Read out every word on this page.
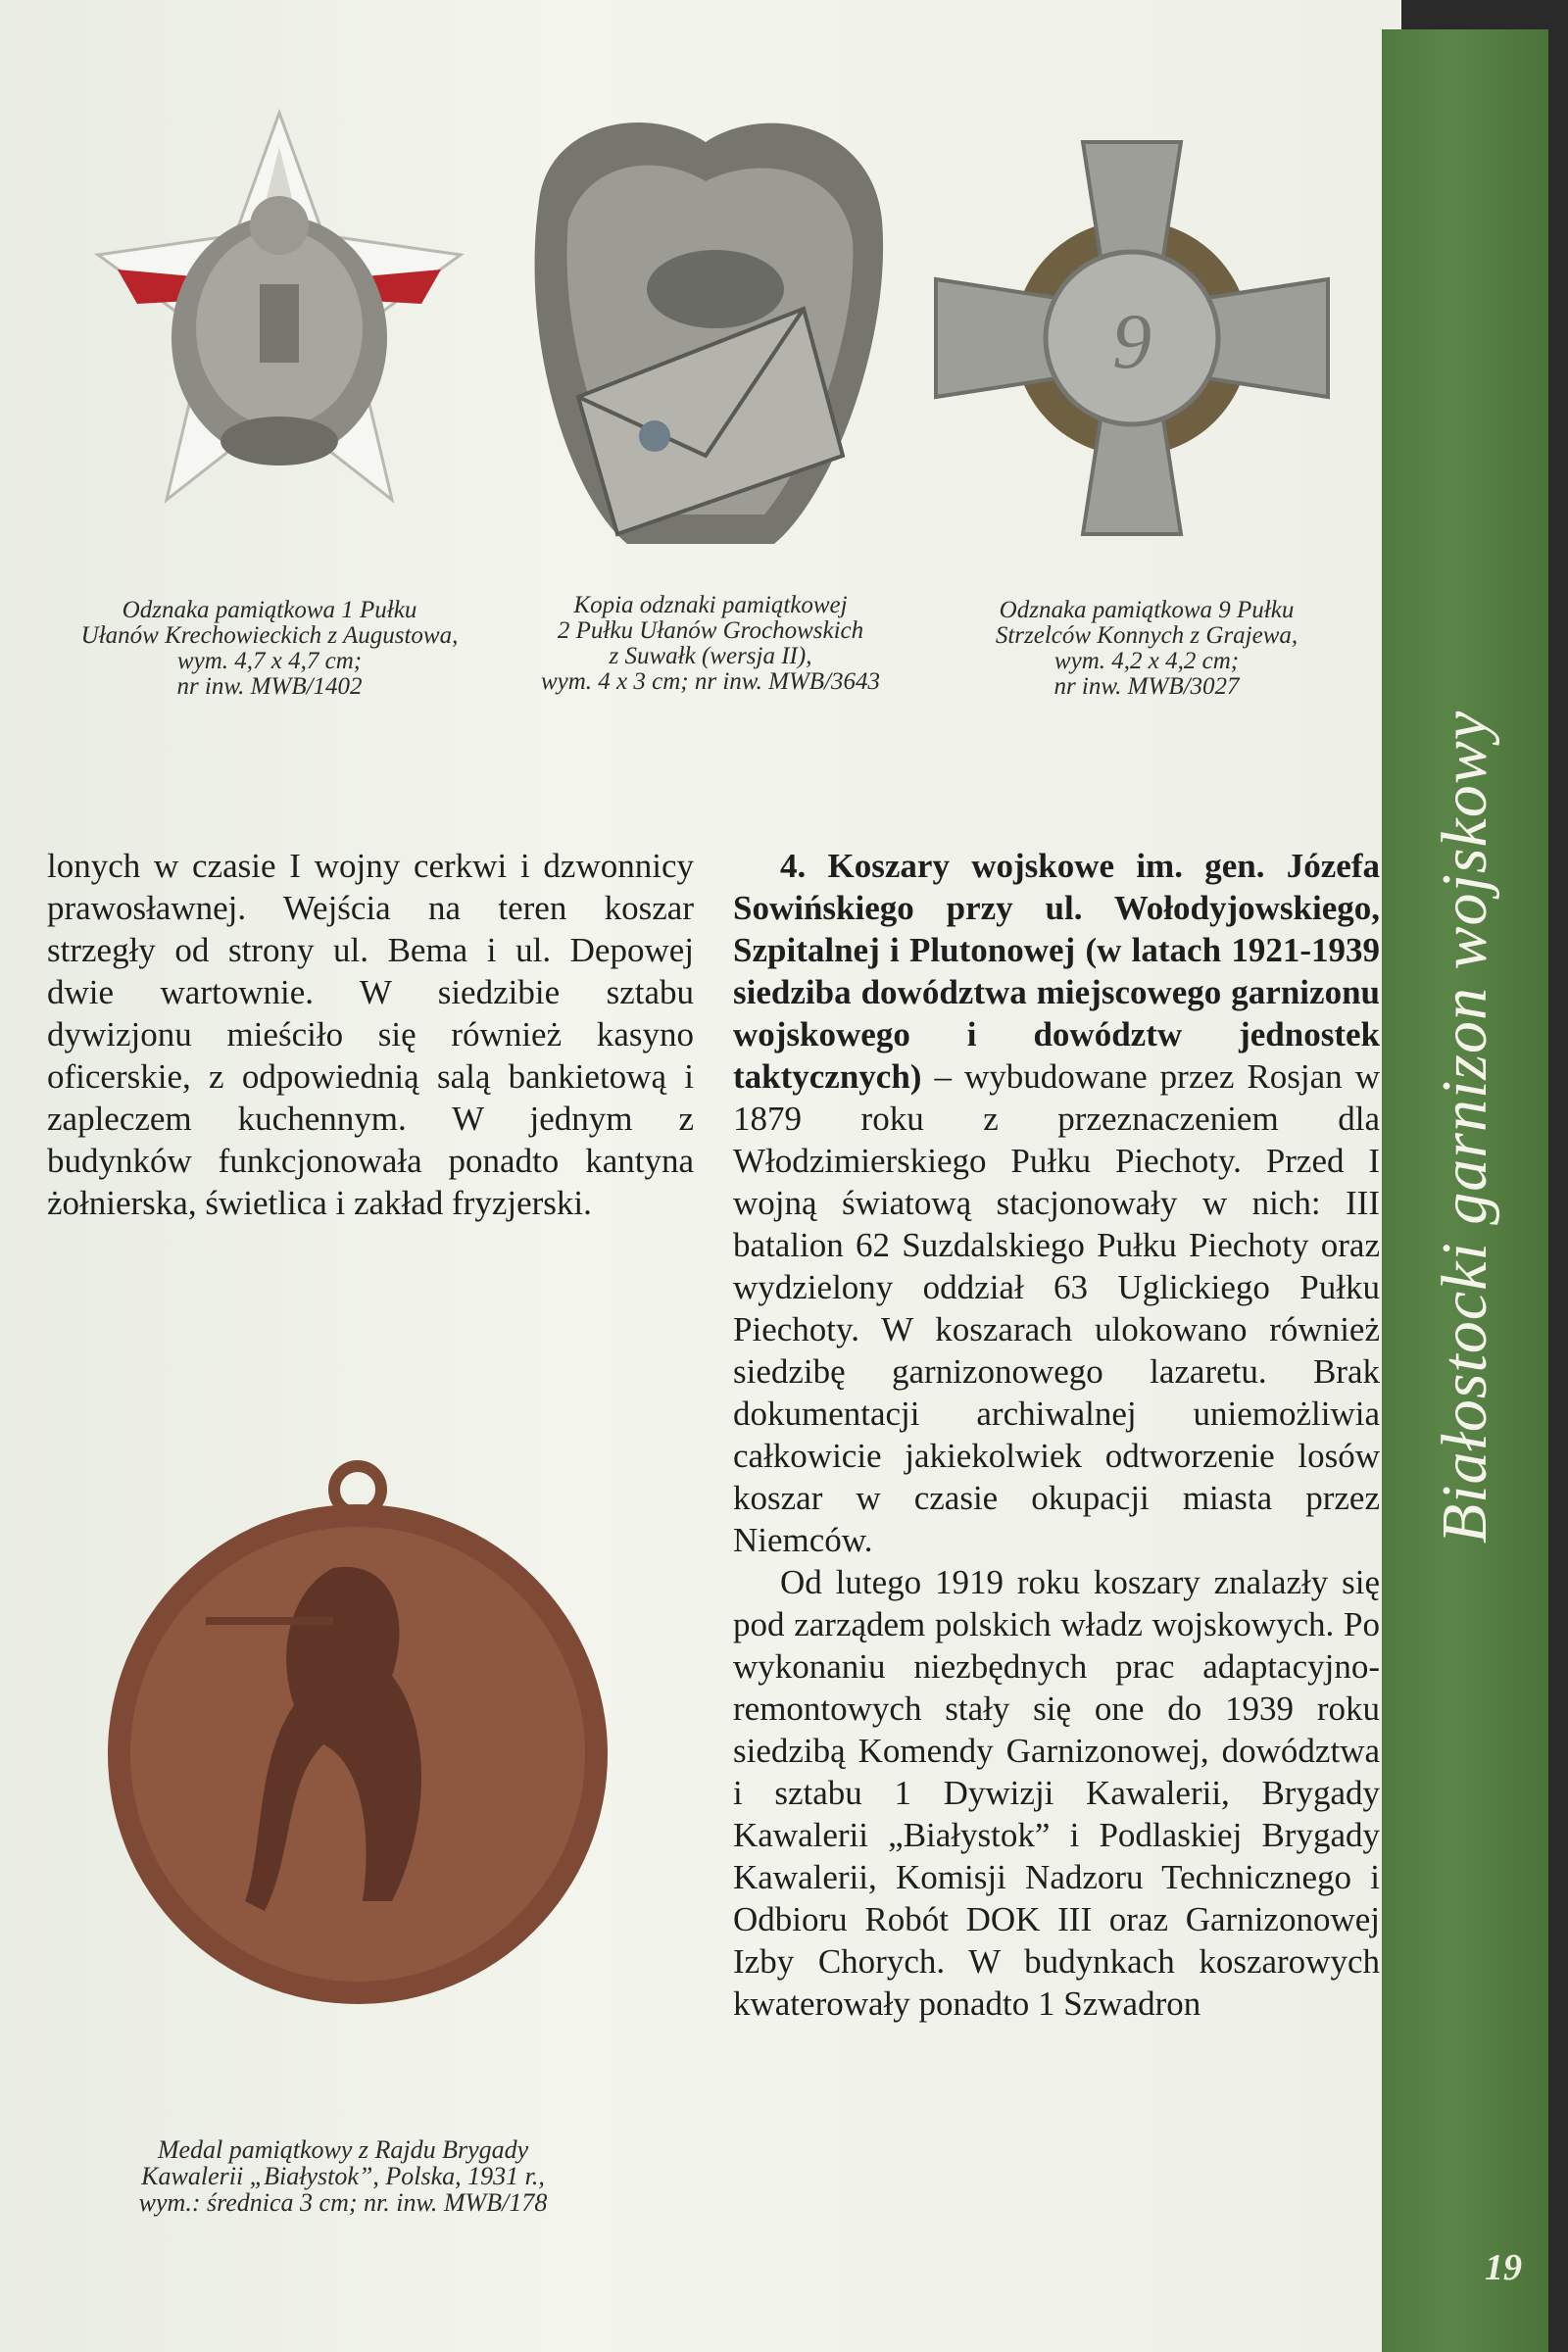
Białostocki garnizon wojskowy
19
9
Odznaka pamiątkowa 1 Pułku
Ułanów Krechowieckich z Augustowa,
wym. 4,7 x 4,7 cm;
nr inw. MWB/1402
Kopia odznaki pamiątkowej
2 Pułku Ułanów Grochowskich
z Suwałk (wersja II),
wym. 4 x 3 cm; nr inw. MWB/3643
Odznaka pamiątkowa 9 Pułku
Strzelców Konnych z Grajewa,
wym. 4,2 x 4,2 cm;
nr inw. MWB/3027

lonych w czasie I wojny cerkwi i dzwonnicy prawosławnej. Wejścia na teren koszar strzegły od strony ul. Bema i ul. Depowej dwie wartownie. W siedzibie sztabu dywizjonu mieściło się również kasyno oficerskie, z odpowiednią salą bankietową i zapleczem kuchennym. W jednym z budynków funkcjonowała ponadto kantyna żołnierska, świetlica i zakład fryzjerski.

Medal pamiątkowy z Rajdu Brygady
Kawalerii „Białystok”, Polska, 1931 r.,
wym.: średnica 3 cm; nr. inw. MWB/178

4. Koszary wojskowe im. gen. Józefa Sowińskiego przy ul. Wołodyjowskiego, Szpitalnej i Plutonowej (w latach 1921-1939 siedziba dowództwa miejscowego garnizonu wojskowego i dowództw jednostek taktycznych) – wybudowane przez Rosjan w 1879 roku z przeznaczeniem dla Włodzimierskiego Pułku Piechoty. Przed I wojną światową stacjonowały w nich: III batalion 62 Suzdalskiego Pułku Piechoty oraz wydzielony oddział 63 Uglickiego Pułku Piechoty. W koszarach ulokowano również siedzibę garnizonowego lazaretu. Brak dokumentacji archiwalnej uniemożliwia całkowicie jakiekolwiek odtworzenie losów koszar w czasie okupacji miasta przez Niemców.

Od lutego 1919 roku koszary znalazły się pod zarządem polskich władz wojskowych. Po wykonaniu niezbędnych prac adaptacyjno-remontowych stały się one do 1939 roku siedzibą Komendy Garnizonowej, dowództwa i sztabu 1 Dywizji Kawalerii, Brygady Kawalerii „Białystok” i Podlaskiej Brygady Kawalerii, Komisji Nadzoru Technicznego i Odbioru Robót DOK III oraz Garnizonowej Izby Chorych. W budynkach koszarowych kwaterowały ponadto 1 Szwadron
